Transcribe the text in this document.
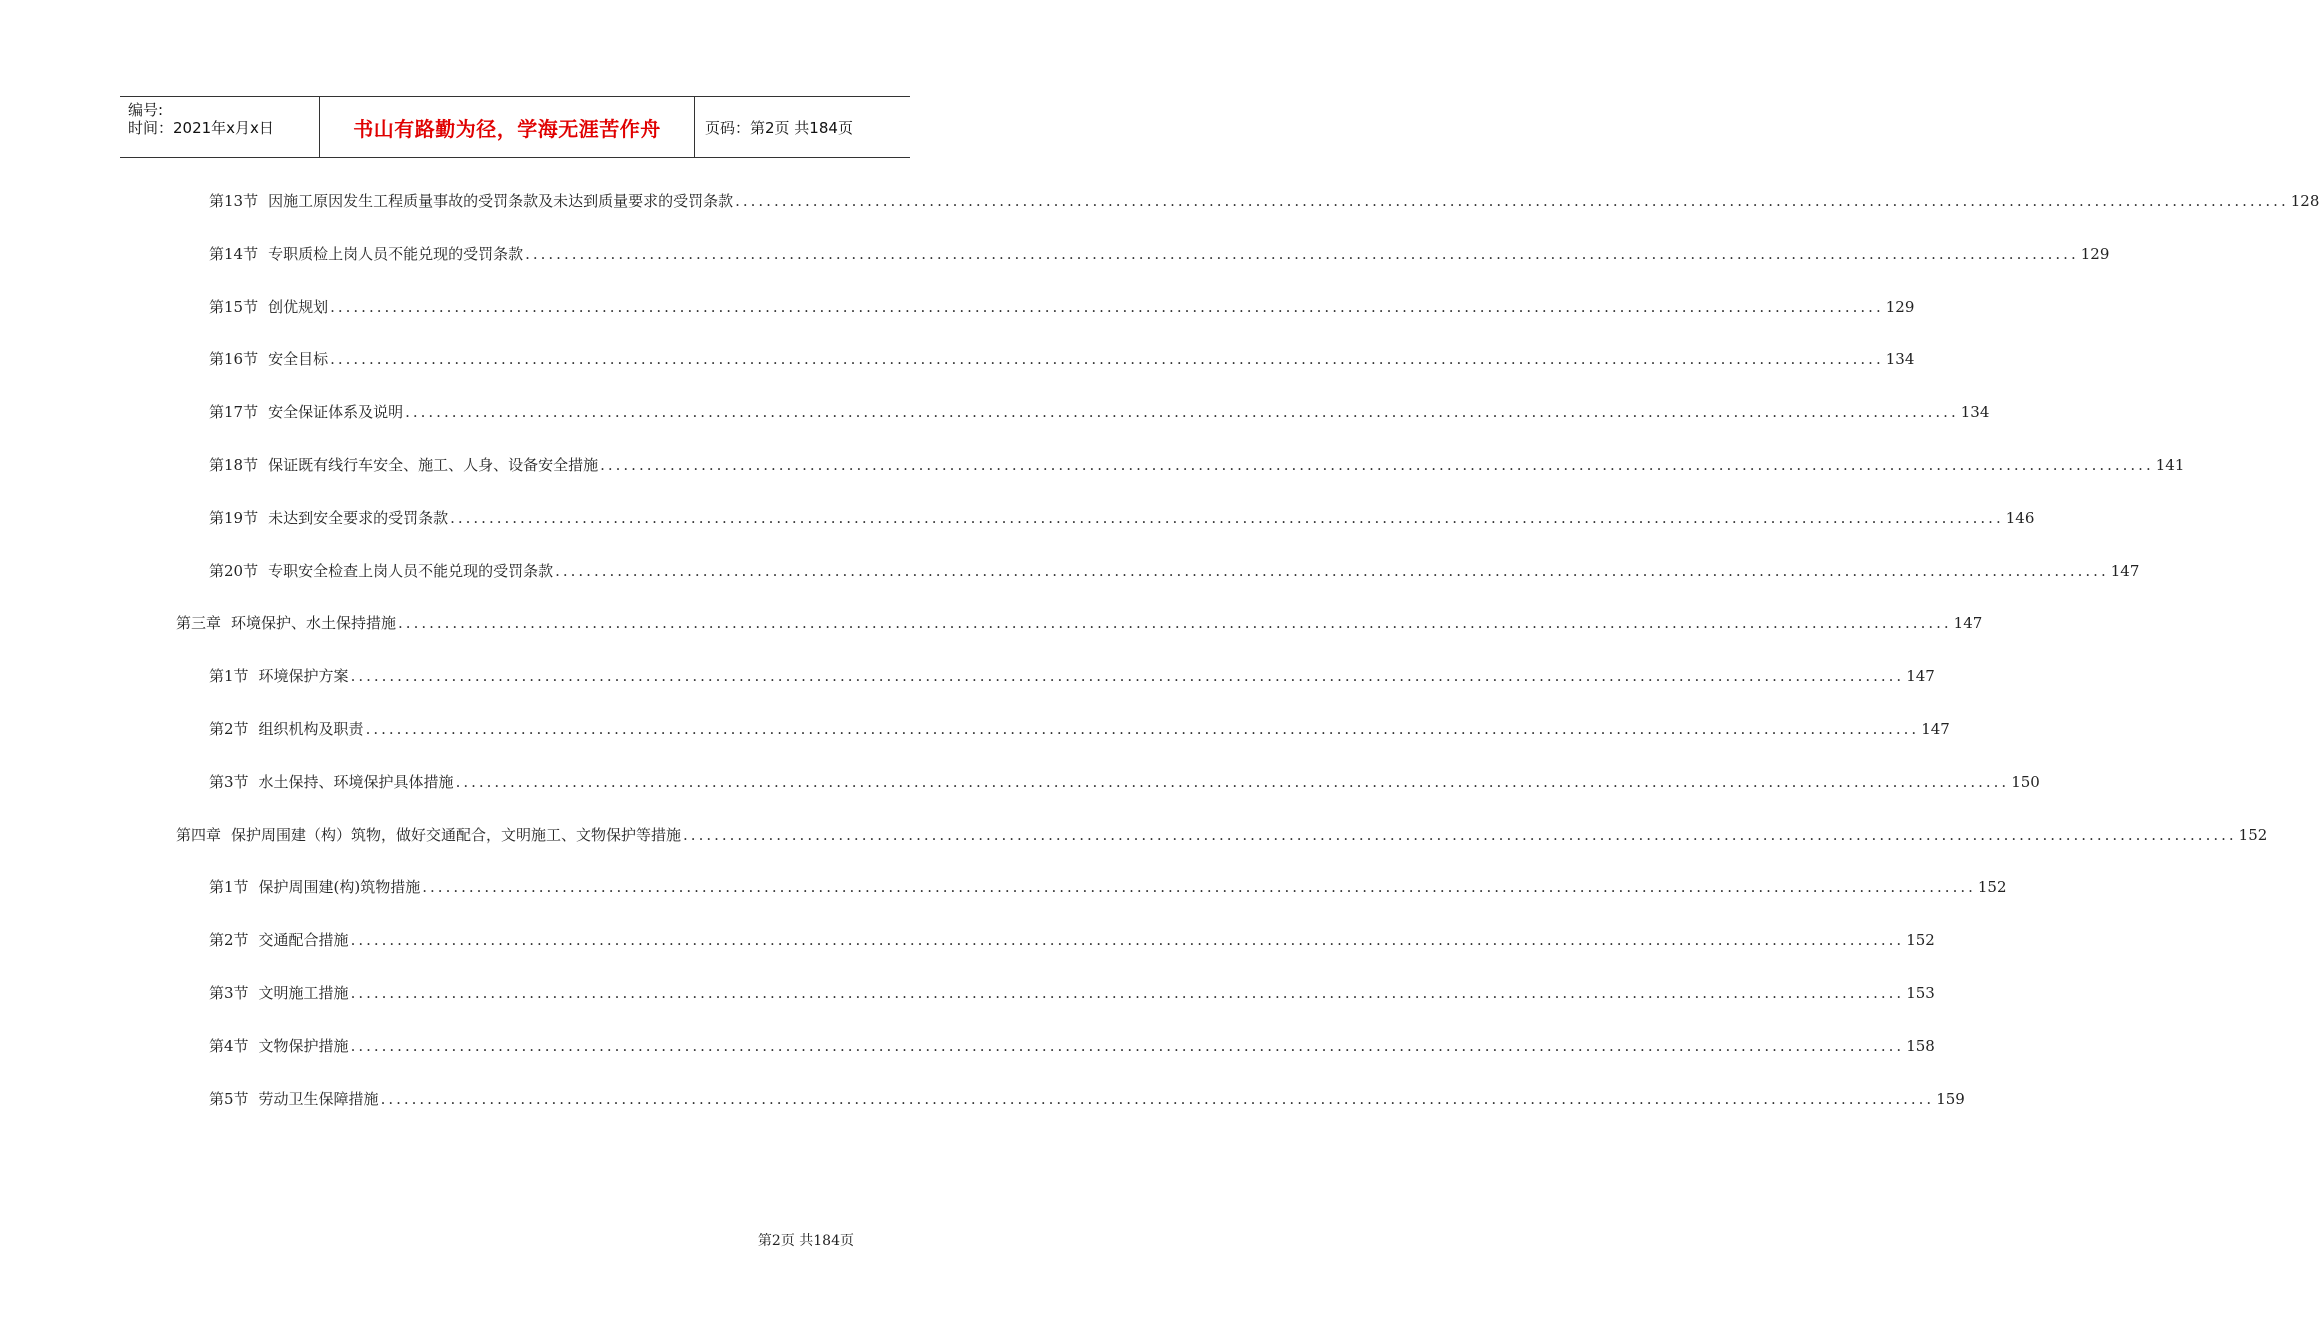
编号:
时间：2021年x月x日	书山有路勤为径，学海无涯苦作舟	页码：第2页 共184页
第13节 因施工原因发生工程质量事故的受罚条款及未达到质量要求的受罚条款 ........................................................................................................................................................................................................ 128
第14节 专职质检上岗人员不能兑现的受罚条款 ........................................................................................................................................................................................................ 129
第15节 创优规划 ........................................................................................................................................................................................................ 129
第16节 安全目标 ........................................................................................................................................................................................................ 134
第17节 安全保证体系及说明 ........................................................................................................................................................................................................ 134
第18节 保证既有线行车安全、施工、人身、设备安全措施 ........................................................................................................................................................................................................ 141
第19节 未达到安全要求的受罚条款 ........................................................................................................................................................................................................ 146
第20节 专职安全检查上岗人员不能兑现的受罚条款 ........................................................................................................................................................................................................ 147
第三章 环境保护、水土保持措施 ........................................................................................................................................................................................................ 147
第1节 环境保护方案 ........................................................................................................................................................................................................ 147
第2节 组织机构及职责 ........................................................................................................................................................................................................ 147
第3节 水土保持、环境保护具体措施 ........................................................................................................................................................................................................ 150
第四章 保护周围建（构）筑物，做好交通配合，文明施工、文物保护等措施 ........................................................................................................................................................................................................ 152
第1节 保护周围建(构)筑物措施 ........................................................................................................................................................................................................ 152
第2节 交通配合措施 ........................................................................................................................................................................................................ 152
第3节 文明施工措施 ........................................................................................................................................................................................................ 153
第4节 文物保护措施 ........................................................................................................................................................................................................ 158
第5节 劳动卫生保障措施 ........................................................................................................................................................................................................ 159
第2页 共184页
